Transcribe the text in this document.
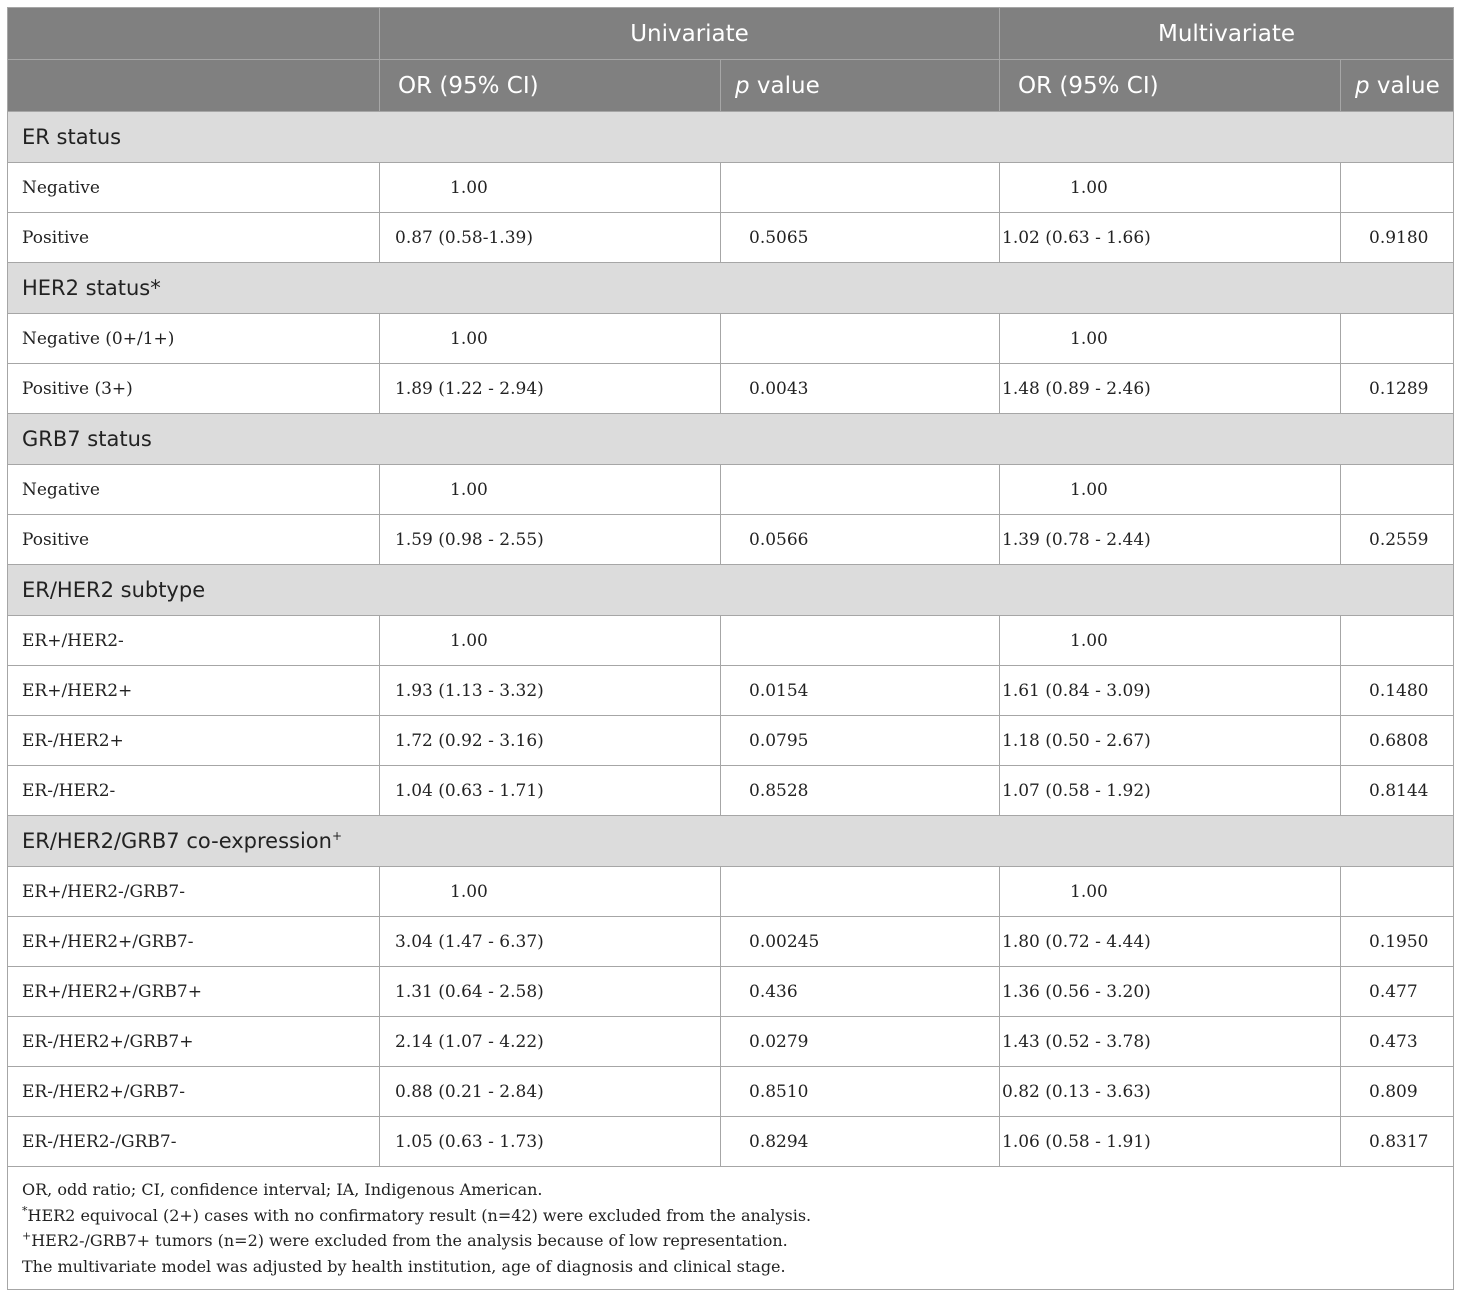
	Univariate		Multivariate	
	OR (95% CI)	p value	OR (95% CI)	p value
ER status				
Negative	1.00		1.00	
Positive	0.87 (0.58-1.39)	0.5065	1.02 (0.63 - 1.66)	0.9180
HER2 status*				
Negative (0+/1+)	1.00		1.00	
Positive (3+)	1.89 (1.22 - 2.94)	0.0043	1.48 (0.89 - 2.46)	0.1289
GRB7 status				
Negative	1.00		1.00	
Positive	1.59 (0.98 - 2.55)	0.0566	1.39 (0.78 - 2.44)	0.2559
ER/HER2 subtype				
ER+/HER2-	1.00		1.00	
ER+/HER2+	1.93 (1.13 - 3.32)	0.0154	1.61 (0.84 - 3.09)	0.1480
ER-/HER2+	1.72 (0.92 - 3.16)	0.0795	1.18 (0.50 - 2.67)	0.6808
ER-/HER2-	1.04 (0.63 - 1.71)	0.8528	1.07 (0.58 - 1.92)	0.8144
ER/HER2/GRB7 co-expression+
ER+/HER2-/GRB7-	1.00		1.00	
ER+/HER2+/GRB7-	3.04 (1.47 - 6.37)	0.00245	1.80 (0.72 - 4.44)	0.1950
ER+/HER2+/GRB7+	1.31 (0.64 - 2.58)	0.436	1.36 (0.56 - 3.20)	0.477
ER-/HER2+/GRB7+	2.14 (1.07 - 4.22)	0.0279	1.43 (0.52 - 3.78)	0.473
ER-/HER2+/GRB7-	0.88 (0.21 - 2.84)	0.8510	0.82 (0.13 - 3.63)	0.809
ER-/HER2-/GRB7-	1.05 (0.63 - 1.73)	0.8294	1.06 (0.58 - 1.91)	0.8317

OR, odd ratio; CI, confidence interval; IA, Indigenous American.
*HER2 equivocal (2+) cases with no confirmatory result (n=42) were excluded from the analysis.
+HER2-/GRB7+ tumors (n=2) were excluded from the analysis because of low representation.
The multivariate model was adjusted by health institution, age of diagnosis and clinical stage.				
